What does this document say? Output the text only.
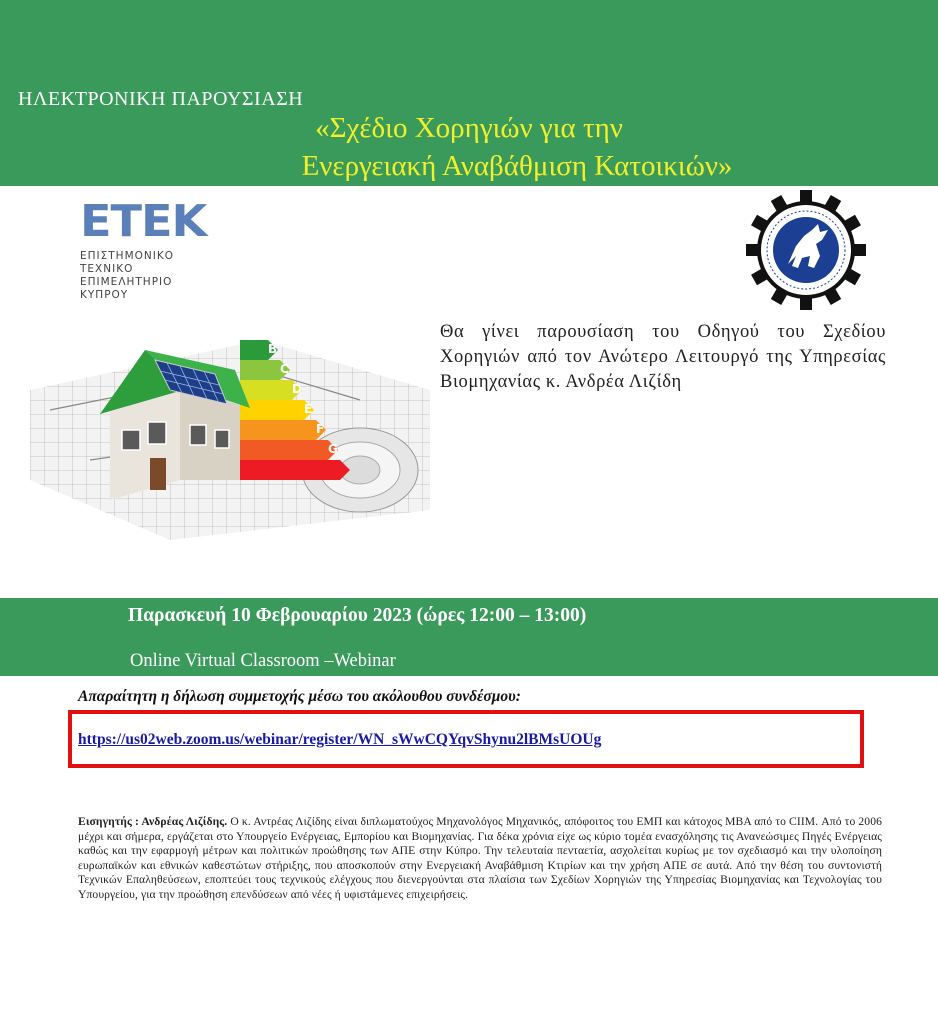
ΗΛΕΚΤΡΟΝΙΚΗ ΠΑΡΟΥΣΙΑΣΗ
«Σχέδιο Χορηγιών για την
Ενεργειακή Αναβάθμιση Κατοικιών»
ETEK
ΕΠΙΣΤΗΜΟΝΙΚΟ
ΤΕΧΝΙΚΟ
ΕΠΙΜΕΛΗΤΗΡΙΟ
ΚΥΠΡΟΥ
B
C
D
E
F
G
Θα γίνει παρουσίαση του Οδηγού του Σχεδίου Χορηγιών από τον Ανώτερο Λειτουργό της Υπηρεσίας Βιομηχανίας κ. Ανδρέα Λιζίδη
Παρασκευή 10 Φεβρουαρίου 2023 (ώρες 12:00 – 13:00)
Online Virtual Classroom –Webinar
Απαραίτητη η δήλωση συμμετοχής μέσω του ακόλουθου συνδέσμου:
https://us02web.zoom.us/webinar/register/WN_sWwCQYqvShynu2lBMsUOUg
Εισηγητής : Ανδρέας Λιζίδης. Ο κ. Αντρέας Λιζίδης είναι διπλωματούχος Μηχανολόγος Μηχανικός, απόφοιτος του ΕΜΠ και κάτοχος ΜΒΑ από το CIIM. Από το 2006 μέχρι και σήμερα, εργάζεται στο Υπουργείο Ενέργειας, Εμπορίου και Βιομηχανίας. Για δέκα χρόνια είχε ως κύριο τομέα ενασχόλησης τις Ανανεώσιμες Πηγές Ενέργειας καθώς και την εφαρμογή μέτρων και πολιτικών προώθησης των ΑΠΕ στην Κύπρο. Την τελευταία πενταετία, ασχολείται κυρίως με τον σχεδιασμό και την υλοποίηση ευρωπαϊκών και εθνικών καθεστώτων στήριξης, που αποσκοπούν στην Ενεργειακή Αναβάθμιση Κτιρίων και την χρήση ΑΠΕ σε αυτά. Από την θέση του συντονιστή Τεχνικών Επαληθεύσεων, εποπτεύει τους τεχνικούς ελέγχους που διενεργούνται στα πλαίσια των Σχεδίων Χορηγιών της Υπηρεσίας Βιομηχανίας και Τεχνολογίας του Υπουργείου, για την προώθηση επενδύσεων από νέες ή υφιστάμενες επιχειρήσεις.
